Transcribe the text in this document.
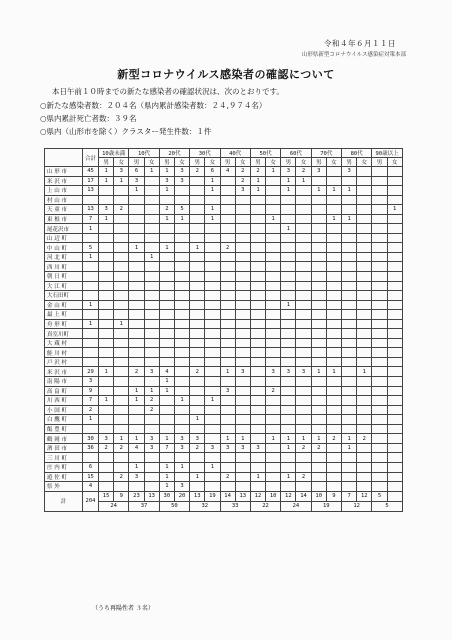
令和４年６月１１日
山形県新型コロナウイルス感染症対策本部
新型コロナウイルス感染者の確認について
本日午前１０時までの新たな感染者の確認状況は、次のとおりです。
○新たな感染者数：２０４名（県内累計感染者数：２４,９７４名）
○県内累計死亡者数：３９名
○県内（山形市を除く）クラスター発生件数：１件
	合計	10歳未満		10代		20代		30代		40代		50代		60代		70代		80代		90歳以上	
		男	女	男	女	男	女	男	女	男	女	男	女	男	女	男	女	男	女	男	女
山 形 市	45	1	3	6	1	1	3	2	6	4	2	2	1	3	2	3		3			
米 沢 市	17	1	1	3		3	3		1		2	1		1	1						
上 山 市	13			1		1			1		3	1		1		1	1	1			
村 山 市																					
天 童 市	13	3	2			2	5		1												1
東 根 市	7	1				1	1		1				1				1	1			
尾花沢市	1													1							
山 辺 町																					
中 山 町	5			1		1		1		2											
河 北 町	1				1																
西 川 町																					
朝 日 町																					
大 江 町																					
大石田町																					
金 山 町	1													1							
最 上 町																					
舟 形 町	1		1																		
真室川町																					
大 蔵 村																					
鮭 川 村																					
戸 沢 村																					
米 沢 市	29	1		2	3	4		2		1	3		3	3	3	1	1		1		
南 陽 市	3					1															
高 畠 町	9			1	1	1				3			2								
川 西 町	7	1		1	2		1		1												
小 国 町	2				2																
白 鷹 町	1							1													
飯 豊 町																					
鶴 岡 市	30	3	1	1	3	1	3	3		1	1		1	1	1	1	2	1	2		
酒 田 市	36	2	2	4	3	7	3	2	3	3	3	3		1	2	2		1			
三 川 町																					
庄 内 町	6			1		1	1		1												
遊 佐 町	15		2	3		1		1		2		1		1	2						
県 外	4					1	3														
計	204	15	9	23	13	30	20	13	19	14	13	12	10	12	14	10	9	7	12	5	
		24		37		50		32		33		22		24		19		12		5	
（うち再陽性者 ３名）
